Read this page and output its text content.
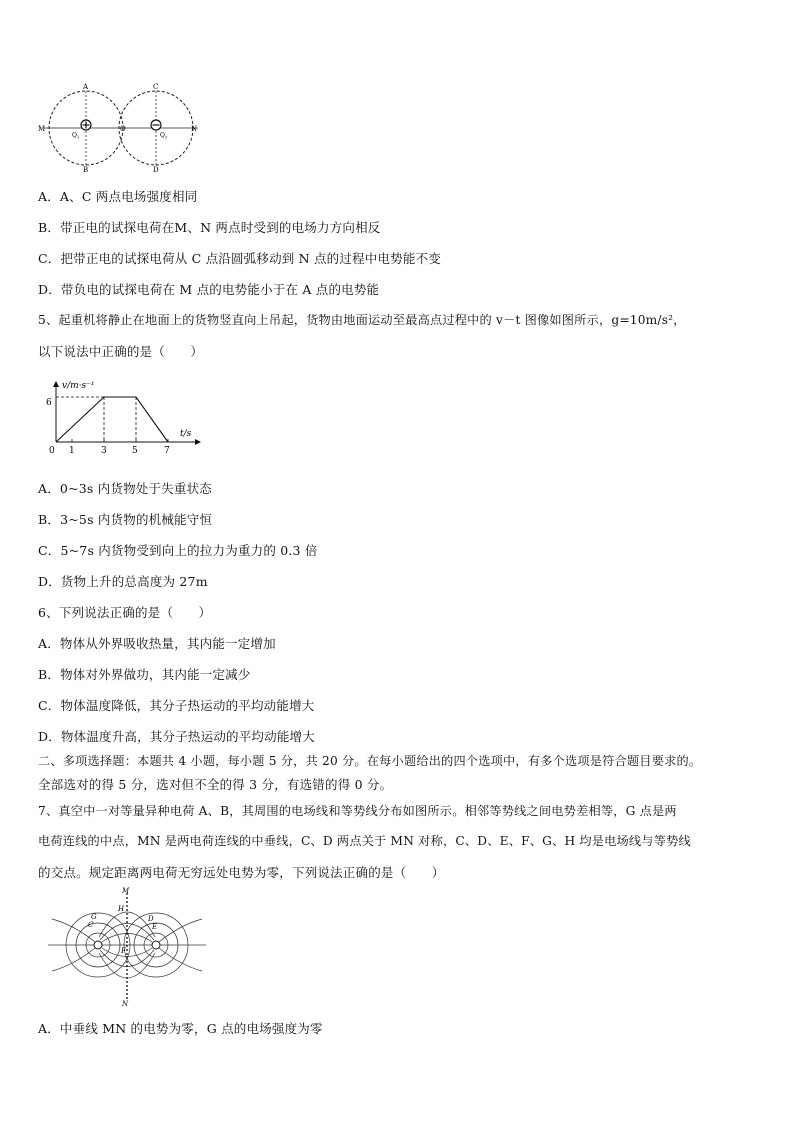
A
B
C
D
M	N
O
$Q_1$	$Q_2$
A．A、C 两点电场强度相同
B．带正电的试探电荷在M、N 两点时受到的电场力方向相反
C．把带正电的试探电荷从 C 点沿圆弧移动到 N 点的过程中电势能不变
D．带负电的试探电荷在 M 点的电势能小于在 A 点的电势能
5、起重机将静止在地面上的货物竖直向上吊起，货物由地面运动至最高点过程中的 v－t 图像如图所示，g=10m/s²，
以下说法中正确的是（　　）
v/m·s⁻¹
t/s
6
0 1	3	5	7
A．0~3s 内货物处于失重状态
B．3~5s 内货物的机械能守恒
C．5~7s 内货物受到向上的拉力为重力的 0.3 倍
D．货物上升的总高度为 27m
6、下列说法正确的是（　　）
A．物体从外界吸收热量，其内能一定增加
B．物体对外界做功，其内能一定减少
C．物体温度降低，其分子热运动的平均动能增大
D．物体温度升高，其分子热运动的平均动能增大
二、多项选择题：本题共 4 小题，每小题 5 分，共 20 分。在每小题给出的四个选项中，有多个选项是符合题目要求的。
全部选对的得 5 分，选对但不全的得 3 分，有选错的得 0 分。
7、真空中一对等量异种电荷 A、B，其周围的电场线和等势线分布如图所示。相邻等势线之间电势差相等，G 点是两
电荷连线的中点，MN 是两电荷连线的中垂线，C、D 两点关于 MN 对称，C、D、E、F、G、H 均是电场线与等势线
的交点。规定距离两电荷无穷远处电势为零，下列说法正确的是（　　）
M
N
H
G
C
D
E
F
A．中垂线 MN 的电势为零，G 点的电场强度为零
